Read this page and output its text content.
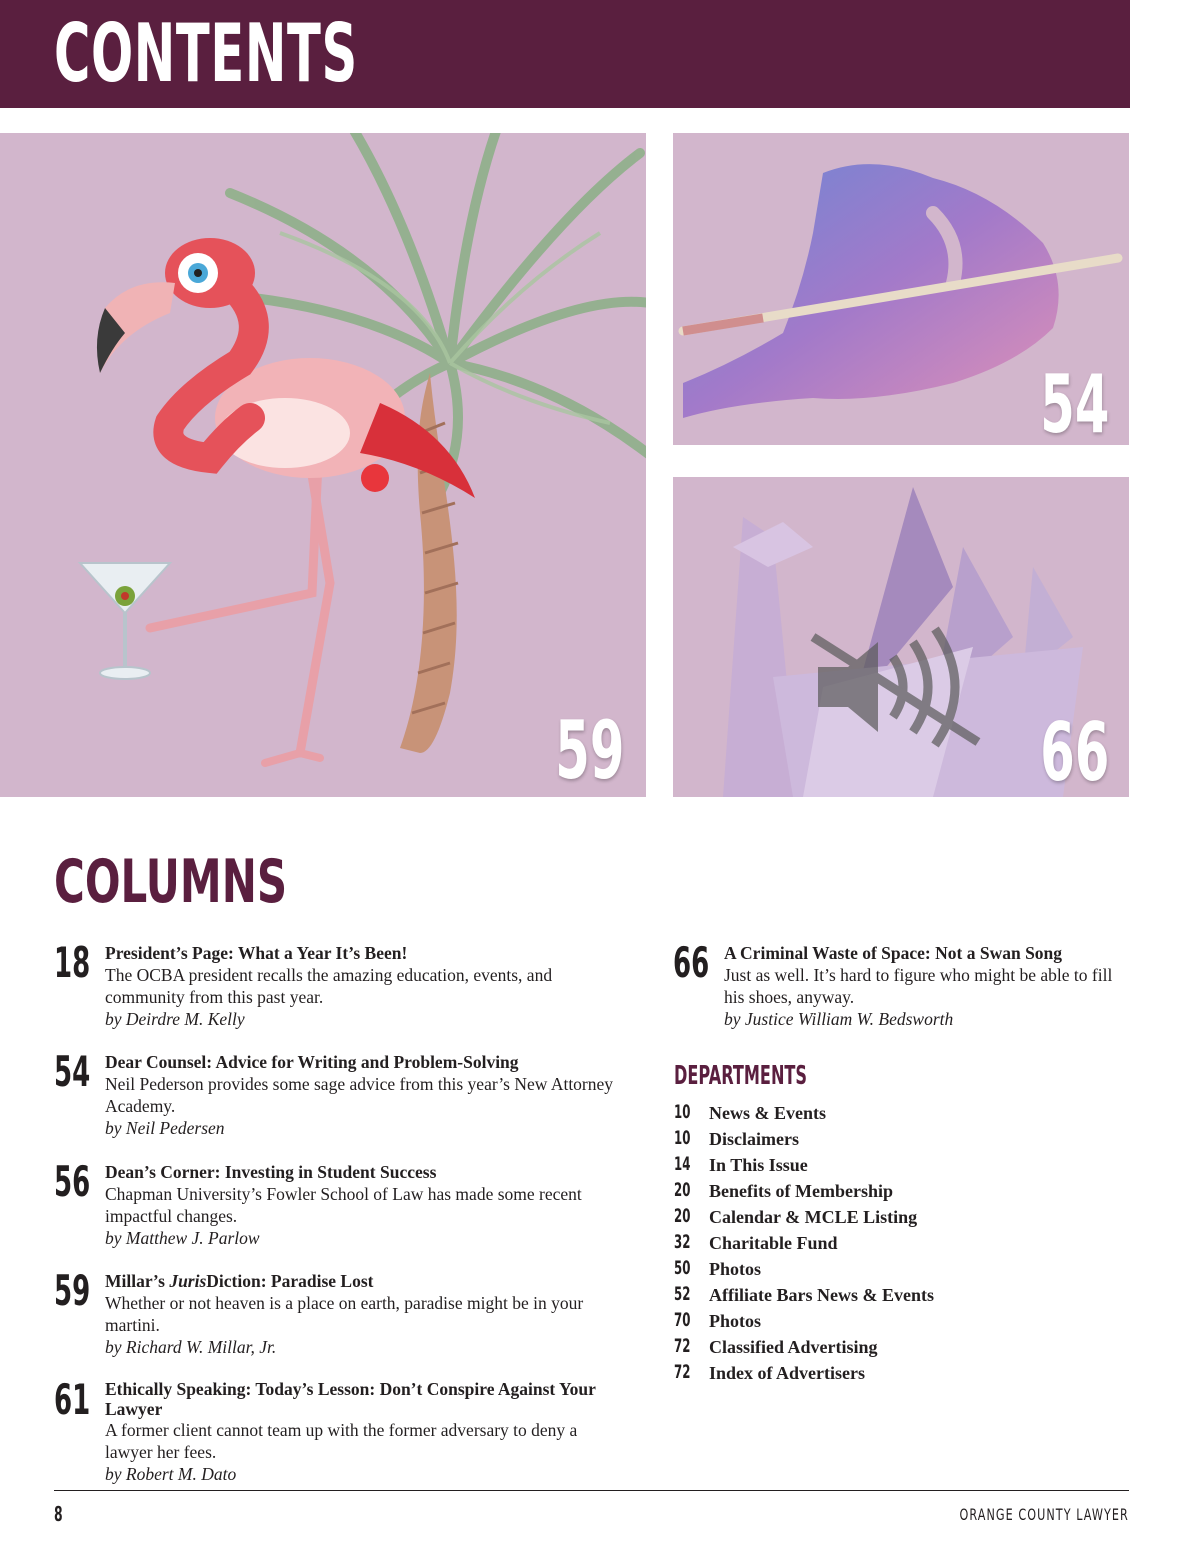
59
54
66
CONTENTS
COLUMNS
18 President’s Page: What a Year It’s Been!
The OCBA president recalls the amazing education, events, and community from this past year.
by Deirdre M. Kelly
54 Dear Counsel: Advice for Writing and Problem-Solving
Neil Pederson provides some sage advice from this year’s New Attorney Academy.
by Neil Pedersen
56 Dean’s Corner: Investing in Student Success
Chapman University’s Fowler School of Law has made some recent impactful changes.
by Matthew J. Parlow
59 Millar’s JurisDiction: Paradise Lost
Whether or not heaven is a place on earth, paradise might be in your martini.
by Richard W. Millar, Jr.
61 Ethically Speaking: Today’s Lesson: Don’t Conspire Against Your Lawyer
A former client cannot team up with the former adversary to deny a lawyer her fees.
by Robert M. Dato
66 A Criminal Waste of Space: Not a Swan Song
Just as well. It’s hard to figure who might be able to fill his shoes, anyway.
by Justice William W. Bedsworth
DEPARTMENTS
10 News & Events
10 Disclaimers
14 In This Issue
20 Benefits of Membership
20 Calendar & MCLE Listing
32 Charitable Fund
50 Photos
52 Affiliate Bars News & Events
70 Photos
72 Classified Advertising
72 Index of Advertisers
8	ORANGE COUNTY LAWYER
